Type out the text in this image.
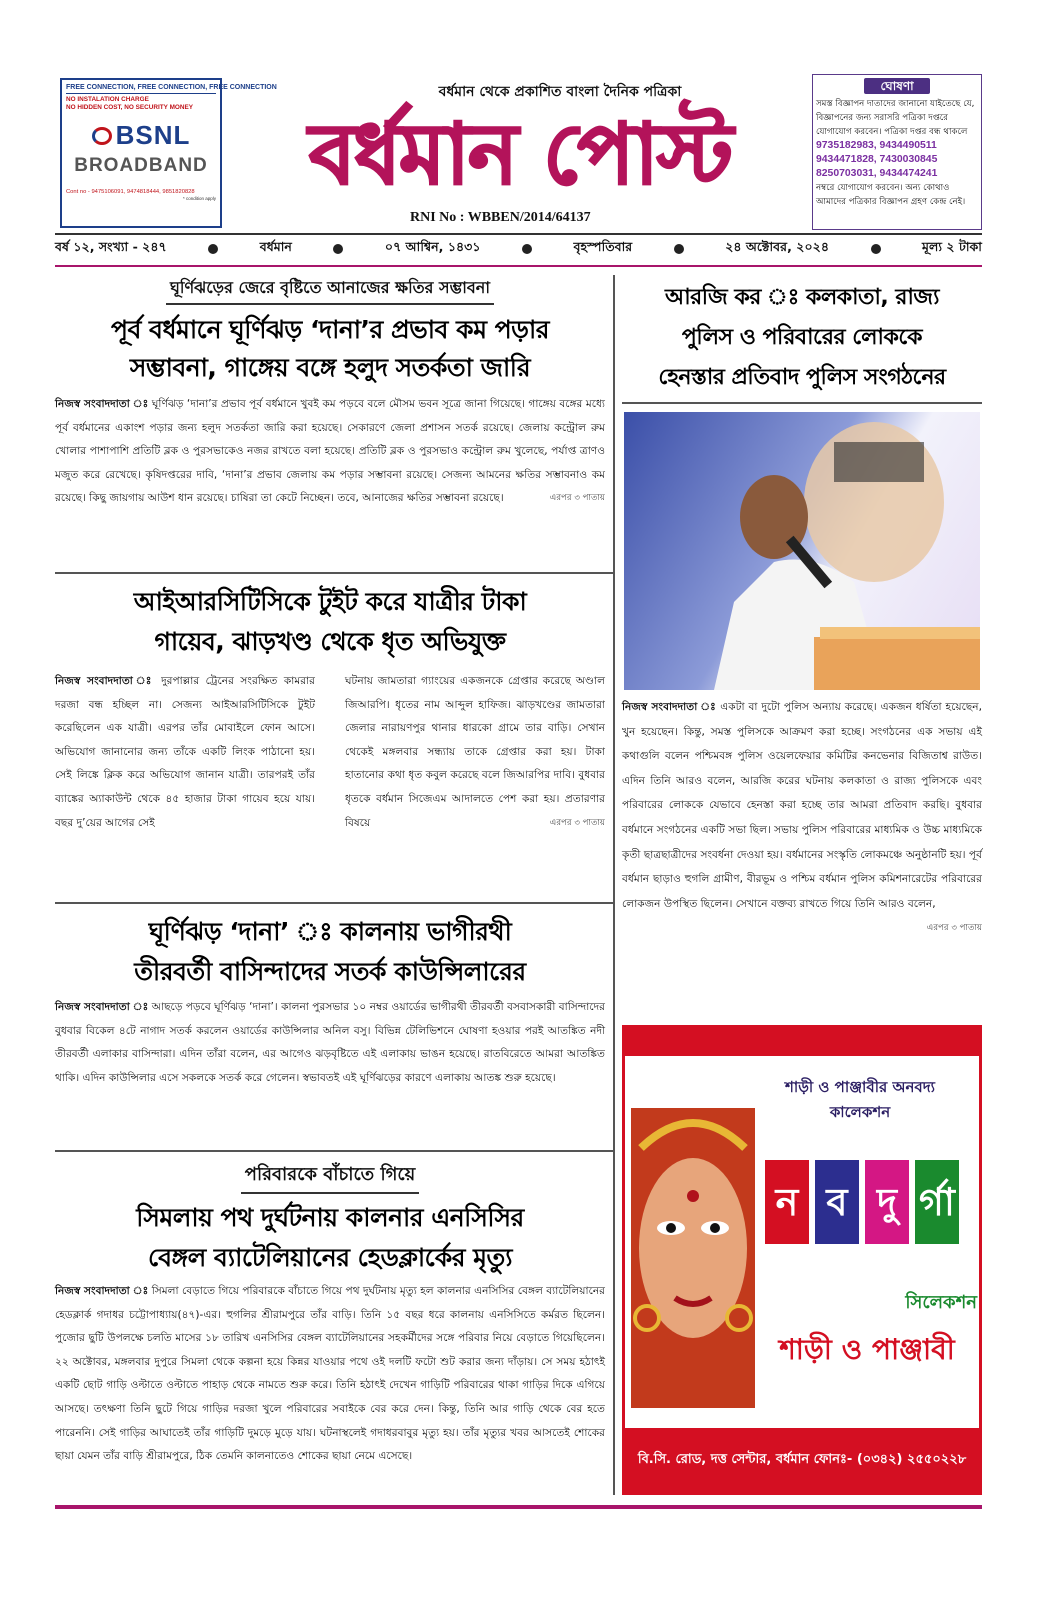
FREE CONNECTION, FREE CONNECTION, FREE CONNECTION
NO INSTALATION CHARGE
NO HIDDEN COST, NO SECURITY MONEY
BSNL
BROADBAND
Cont no - 9475106091, 9474818444, 9851820828
* condition apply
বর্ধমান থেকে প্রকাশিত বাংলা দৈনিক পত্রিকা
বর্ধমান পোস্ট
RNI No : WBBEN/2014/64137
ঘোষণা
সমস্ত বিজ্ঞাপন দাতাদের জানানো যাইতেছে যে, বিজ্ঞাপনের জন্য সরাসরি পত্রিকা দপ্তরে যোগাযোগ করবেন। পত্রিকা দপ্তর বন্ধ থাকলে
9735182983, 9434490511
9434471828, 7430030845
8250703031, 9434474241
নম্বরে যোগাযোগ করবেন। অন্য কোথাও আমাদের পত্রিকার বিজ্ঞাপন গ্রহণ কেন্দ্র নেই।
বর্ষ ১২, সংখ্যা - ২৪৭	বর্ধমান	০৭ আশ্বিন, ১৪৩১	বৃহস্পতিবার	২৪ অক্টোবর, ২০২৪	মূল্য ২ টাকা
ঘূর্ণিঝড়ের জেরে বৃষ্টিতে আনাজের ক্ষতির সম্ভাবনা
পূর্ব বর্ধমানে ঘূর্ণিঝড় ‘দানা’র প্রভাব কম পড়ার
সম্ভাবনা, গাঙ্গেয় বঙ্গে হলুদ সতর্কতা জারি
নিজস্ব সংবাদদাতা ঃ ঘূর্ণিঝড় ‘দানা’র প্রভাব পূর্ব বর্ধমানে খুবই কম পড়বে বলে মৌসম ভবন সূত্রে জানা গিয়েছে। গাঙ্গেয় বঙ্গের মধ্যে পূর্ব বর্ধমানের একাংশ পড়ার জন্য হলুদ সতর্কতা জারি করা হয়েছে। সেকারণে জেলা প্রশাসন সতর্ক রয়েছে। জেলায় কন্ট্রোল রুম খোলার পাশাপাশি প্রতিটি ব্লক ও পুরসভাকেও নজর রাখতে বলা হয়েছে। প্রতিটি ব্লক ও পুরসভাও কন্ট্রোল রুম খুলেছে, পর্যাপ্ত ত্রাণও মজুত করে রেখেছে। কৃষিদপ্তরের দাবি, ‘দানা’র প্রভাব জেলায় কম পড়ার সম্ভাবনা রয়েছে। সেজন্য আমনের ক্ষতির সম্ভাবনাও কম রয়েছে। কিছু জায়গায় আউশ ধান রয়েছে। চাষিরা তা কেটে নিচ্ছেন। তবে, আনাজের ক্ষতির সম্ভাবনা রয়েছে।	এরপর ৩ পাতায়
আইআরসিটিসিকে টুইট করে যাত্রীর টাকা
গায়েব, ঝাড়খণ্ড থেকে ধৃত অভিযুক্ত
নিজস্ব সংবাদদাতা ঃ দুরপাল্লার ট্রেনের সংরক্ষিত কামরার দরজা বন্ধ হচ্ছিল না। সেজন্য আইআরসিটিসিকে টুইট করেছিলেন এক যাত্রী। এরপর তাঁর মোবাইলে ফোন আসে। অভিযোগ জানানোর জন্য তাঁকে একটি লিংক পাঠানো হয়। সেই লিঙ্কে ক্লিক করে অভিযোগ জানান যাত্রী। তারপরই তাঁর ব্যাঙ্কের অ্যাকাউন্ট থেকে ৪৫ হাজার টাকা গায়েব হয়ে যায়। বছর দু’য়ের আগের সেই
ঘটনায় জামতারা গ্যাংয়ের একজনকে গ্রেপ্তার করেছে অণ্ডাল জিআরপি। ধৃতের নাম আব্দুল হাফিজ। ঝাড়খণ্ডের জামতারা জেলার নারায়ণপুর থানার ধারকো গ্রামে তার বাড়ি। সেখান থেকেই মঙ্গলবার সন্ধ্যায় তাকে গ্রেপ্তার করা হয়। টাকা হাতানোর কথা ধৃত কবুল করেছে বলে জিআরপির দাবি। বুধবার ধৃতকে বর্ধমান সিজেএম আদালতে পেশ করা হয়। প্রতারণার বিষয়ে	এরপর ৩ পাতায়
ঘূর্ণিঝড় ‘দানা’ ঃ কালনায় ভাগীরথী
তীরবর্তী বাসিন্দাদের সতর্ক কাউন্সিলারের
নিজস্ব সংবাদদাতা ঃ আছড়ে পড়বে ঘূর্ণিঝড় ‘দানা’। কালনা পুরসভার ১০ নম্বর ওয়ার্ডের ভাগীরথী তীরবর্তী বসবাসকারী বাসিন্দাদের বুধবার বিকেল ৪টে নাগাদ সতর্ক করলেন ওয়ার্ডের কাউন্সিলার অনিল বসু। বিভিন্ন টেলিভিশনে ঘোষণা হওয়ার পরই আতঙ্কিত নদী তীরবর্তী এলাকার বাসিন্দারা। এদিন তাঁরা বলেন, এর আগেও ঝড়বৃষ্টিতে এই এলাকায় ভাঙন হয়েছে। রাতবিরেতে আমরা আতঙ্কিত থাকি। এদিন কাউন্সিলার এসে সকলকে সতর্ক করে গেলেন। স্বভাবতই এই ঘূর্ণিঝড়ের কারণে এলাকায় আতঙ্ক শুরু হয়েছে।
পরিবারকে বাঁচাতে গিয়ে
সিমলায় পথ দুর্ঘটনায় কালনার এনসিসির
বেঙ্গল ব্যাটেলিয়ানের হেডক্লার্কের মৃত্যু
নিজস্ব সংবাদদাতা ঃ সিমলা বেড়াতে গিয়ে পরিবারকে বাঁচাতে গিয়ে পথ দুর্ঘটনায় মৃত্যু হল কালনার এনসিসির বেঙ্গল ব্যাটেলিয়ানের হেডক্লার্ক গদাধর চট্টোপাধ্যায়(৪৭)-এর। হুগলির শ্রীরামপুরে তাঁর বাড়ি। তিনি ১৫ বছর ধরে কালনায় এনসিসিতে কর্মরত ছিলেন। পুজোর ছুটি উপলক্ষে চলতি মাসের ১৮ তারিখ এনসিসির বেঙ্গল ব্যাটেলিয়ানের সহকর্মীদের সঙ্গে পরিবার নিয়ে বেড়াতে গিয়েছিলেন। ২২ অক্টোবর, মঙ্গলবার দুপুরে সিমলা থেকে কল্পনা হয়ে কিন্নর যাওয়ার পথে ওই দলটি ফটো শুট করার জন্য দাঁড়ায়। সে সময় হঠাৎই একটি ছোট গাড়ি ওল্টাতে ওল্টাতে পাহাড় থেকে নামতে শুরু করে। তিনি হঠাৎই দেখেন গাড়িটি পরিবারের থাকা গাড়ির দিকে এগিয়ে আসছে। তৎক্ষণা তিনি ছুটে গিয়ে গাড়ির দরজা খুলে পরিবারের সবাইকে বের করে দেন। কিন্তু, তিনি আর গাড়ি থেকে বের হতে পারেননি। সেই গাড়ির আঘাতেই তাঁর গাড়িটি দুমড়ে মুড়ে যায়। ঘটনাস্থলেই গদাধরবাবুর মৃত্যু হয়। তাঁর মৃত্যুর খবর আসতেই শোকের ছায়া যেমন তাঁর বাড়ি শ্রীরামপুরে, ঠিক তেমনি কালনাতেও শোকের ছায়া নেমে এসেছে।
আরজি কর ঃ কলকাতা, রাজ্য
পুলিস ও পরিবারের লোককে
হেনস্তার প্রতিবাদ পুলিস সংগঠনের
নিজস্ব সংবাদদাতা ঃ একটা বা দুটো পুলিস অন্যায় করেছে। একজন ধর্ষিতা হয়েছেন, খুন হয়েছেন। কিন্তু, সমস্ত পুলিসকে আক্রমণ করা হচ্ছে। সংগঠনের এক সভায় এই কথাগুলি বলেন পশ্চিমবঙ্গ পুলিস ওয়েলফেয়ার কমিটির কনভেনার বিজিতাশ্ব রাউত। এদিন তিনি আরও বলেন, আরজি করের ঘটনায় কলকাতা ও রাজ্য পুলিসকে এবং পরিবারের লোককে যেভাবে হেনস্তা করা হচ্ছে তার আমরা প্রতিবাদ করছি। বুধবার বর্ধমানে সংগঠনের একটি সভা ছিল। সভায় পুলিস পরিবারের মাধ্যমিক ও উচ্চ মাধ্যমিকে কৃতী ছাত্রছাত্রীদের সংবর্ধনা দেওয়া হয়। বর্ধমানের সংস্কৃতি লোকমঞ্চে অনুষ্ঠানটি হয়। পূর্ব বর্ধমান ছাড়াও হুগলি গ্রামীণ, বীরভূম ও পশ্চিম বর্ধমান পুলিস কমিশনারেটের পরিবারের লোকজন উপস্থিত ছিলেন। সেখানে বক্তব্য রাখতে গিয়ে তিনি আরও বলেন,
এরপর ৩ পাতায়
শাড়ী ও পাঞ্জাবীর অনবদ্য কালেকশন
ন ব দু র্গা
সিলেকশন
শাড়ী ও পাঞ্জাবী
বি.সি. রোড, দত্ত সেন্টার, বর্ধমান ফোনঃ- (০৩৪২) ২৫৫০২২৮
